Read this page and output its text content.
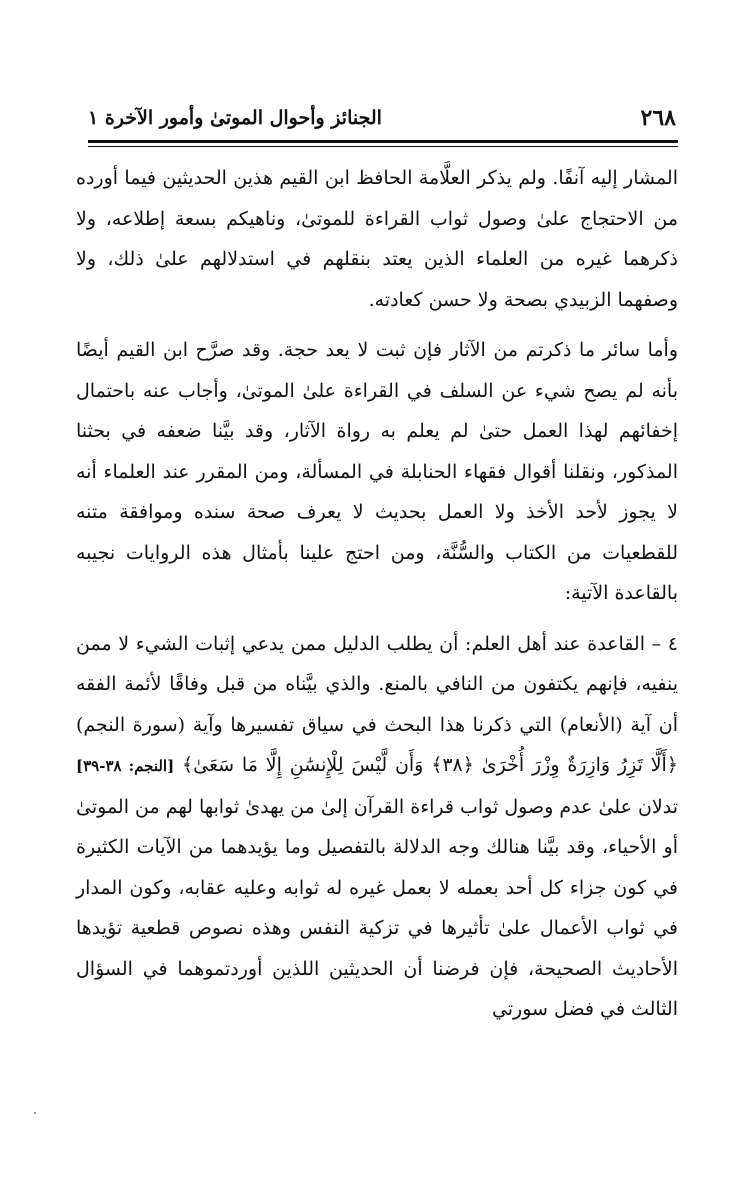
٢٦٨
الجنائز وأحوال الموتىٰ وأمور الآخرة ١

المشار إليه آنفًا. ولم يذكر العلَّامة الحافظ ابن القيم هذين الحديثين فيما أورده من الاحتجاج علىٰ وصول ثواب القراءة للموتىٰ، وناهيكم بسعة إطلاعه، ولا ذكرهما غيره من العلماء الذين يعتد بنقلهم في استدلالهم علىٰ ذلك، ولا وصفهما الزبيدي بصحة ولا حسن كعادته.

وأما سائر ما ذكرتم من الآثار فإن ثبت لا يعد حجة. وقد صرَّح ابن القيم أيضًا بأنه لم يصح شيء عن السلف في القراءة علىٰ الموتىٰ، وأجاب عنه باحتمال إخفائهم لهذا العمل حتىٰ لم يعلم به رواة الآثار، وقد بيَّنا ضعفه في بحثنا المذكور، ونقلنا أقوال فقهاء الحنابلة في المسألة، ومن المقرر عند العلماء أنه لا يجوز لأحد الأخذ ولا العمل بحديث لا يعرف صحة سنده وموافقة متنه للقطعيات من الكتاب والسُّنَّة، ومن احتج علينا بأمثال هذه الروايات نجيبه بالقاعدة الآتية:

٤ – القاعدة عند أهل العلم: أن يطلب الدليل ممن يدعي إثبات الشيء لا ممن ينفيه، فإنهم يكتفون من النافي بالمنع. والذي بيَّناه من قبل وفاقًا لأئمة الفقه أن آية (الأنعام) التي ذكرنا هذا البحث في سياق تفسيرها وآية (سورة النجم) ﴿أَلَّا تَزِرُ وَازِرَةٌ وِزْرَ أُخْرَىٰ ﴿٣٨﴾ وَأَن لَّيْسَ لِلْإِنسَٰنِ إِلَّا مَا سَعَىٰ﴾ [النجم: ٣٨-٣٩] تدلان علىٰ عدم وصول ثواب قراءة القرآن إلىٰ من يهدىٰ ثوابها لهم من الموتىٰ أو الأحياء، وقد بيَّنا هنالك وجه الدلالة بالتفصيل وما يؤيدهما من الآيات الكثيرة في كون جزاء كل أحد بعمله لا بعمل غيره له ثوابه وعليه عقابه، وكون المدار في ثواب الأعمال علىٰ تأثيرها في تزكية النفس وهذه نصوص قطعية تؤيدها الأحاديث الصحيحة، فإن فرضنا أن الحديثين اللذين أوردتموهما في السؤال الثالث في فضل سورتي
